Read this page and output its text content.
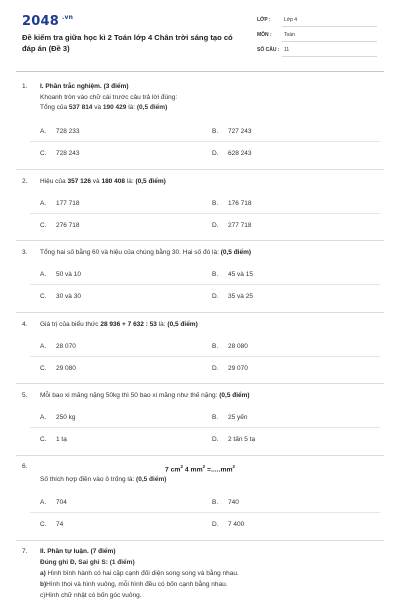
2048 .vn
Đề kiểm tra giữa học kì 2 Toán lớp 4 Chân trời sáng tạo có đáp án (Đề 3)
LỚP :	Lớp 4
MÔN : Toán
SỐ CÂU : 11
1. I. Phần trắc nghiệm. (3 điểm)
Khoanh tròn vào chữ cái trước câu trả lời đúng:
Tổng của 537 814 và 190 429 là: (0,5 điểm)
A. 728 233	B. 727 243
C. 728 243	D. 628 243
2. Hiệu của 357 126 và 180 408 là: (0,5 điểm)
A. 177 718	B. 176 718
C. 276 718	D. 277 718
3. Tổng hai số bằng 60 và hiệu của chúng bằng 30. Hai số đó là: (0,5 điểm)
A. 50 và 10	B. 45 và 15
C. 30 và 30	D. 35 và 25
4. Giá trị của biểu thức 28 936 + 7 632 : 53 là: (0,5 điểm)
A. 28 070	B. 28 080
C. 29 080	D. 29 070
5. Mỗi bao xi măng nặng 50kg thì 50 bao xi măng như thế nặng: (0,5 điểm)
A. 250 kg	B. 25 yến
C. 1 tạ	D. 2 tấn 5 tạ
6.	7 $cm^2$ 4 $mm^2 =.....mm^2$
Số thích hợp điền vào ô trống là: (0,5 điểm)
A. 704	B. 740
C. 74	D. 7 400
7. II. Phần tự luận. (7 điểm)
Đúng ghi Đ, Sai ghi S: (1 điểm)
a) Hình bình hành có hai cặp cạnh đối diện song song và bằng nhau.
b)Hình thoi và hình vuông, mỗi hình đều có bốn cạnh bằng nhau.
c)Hình chữ nhật có bốn góc vuông.
